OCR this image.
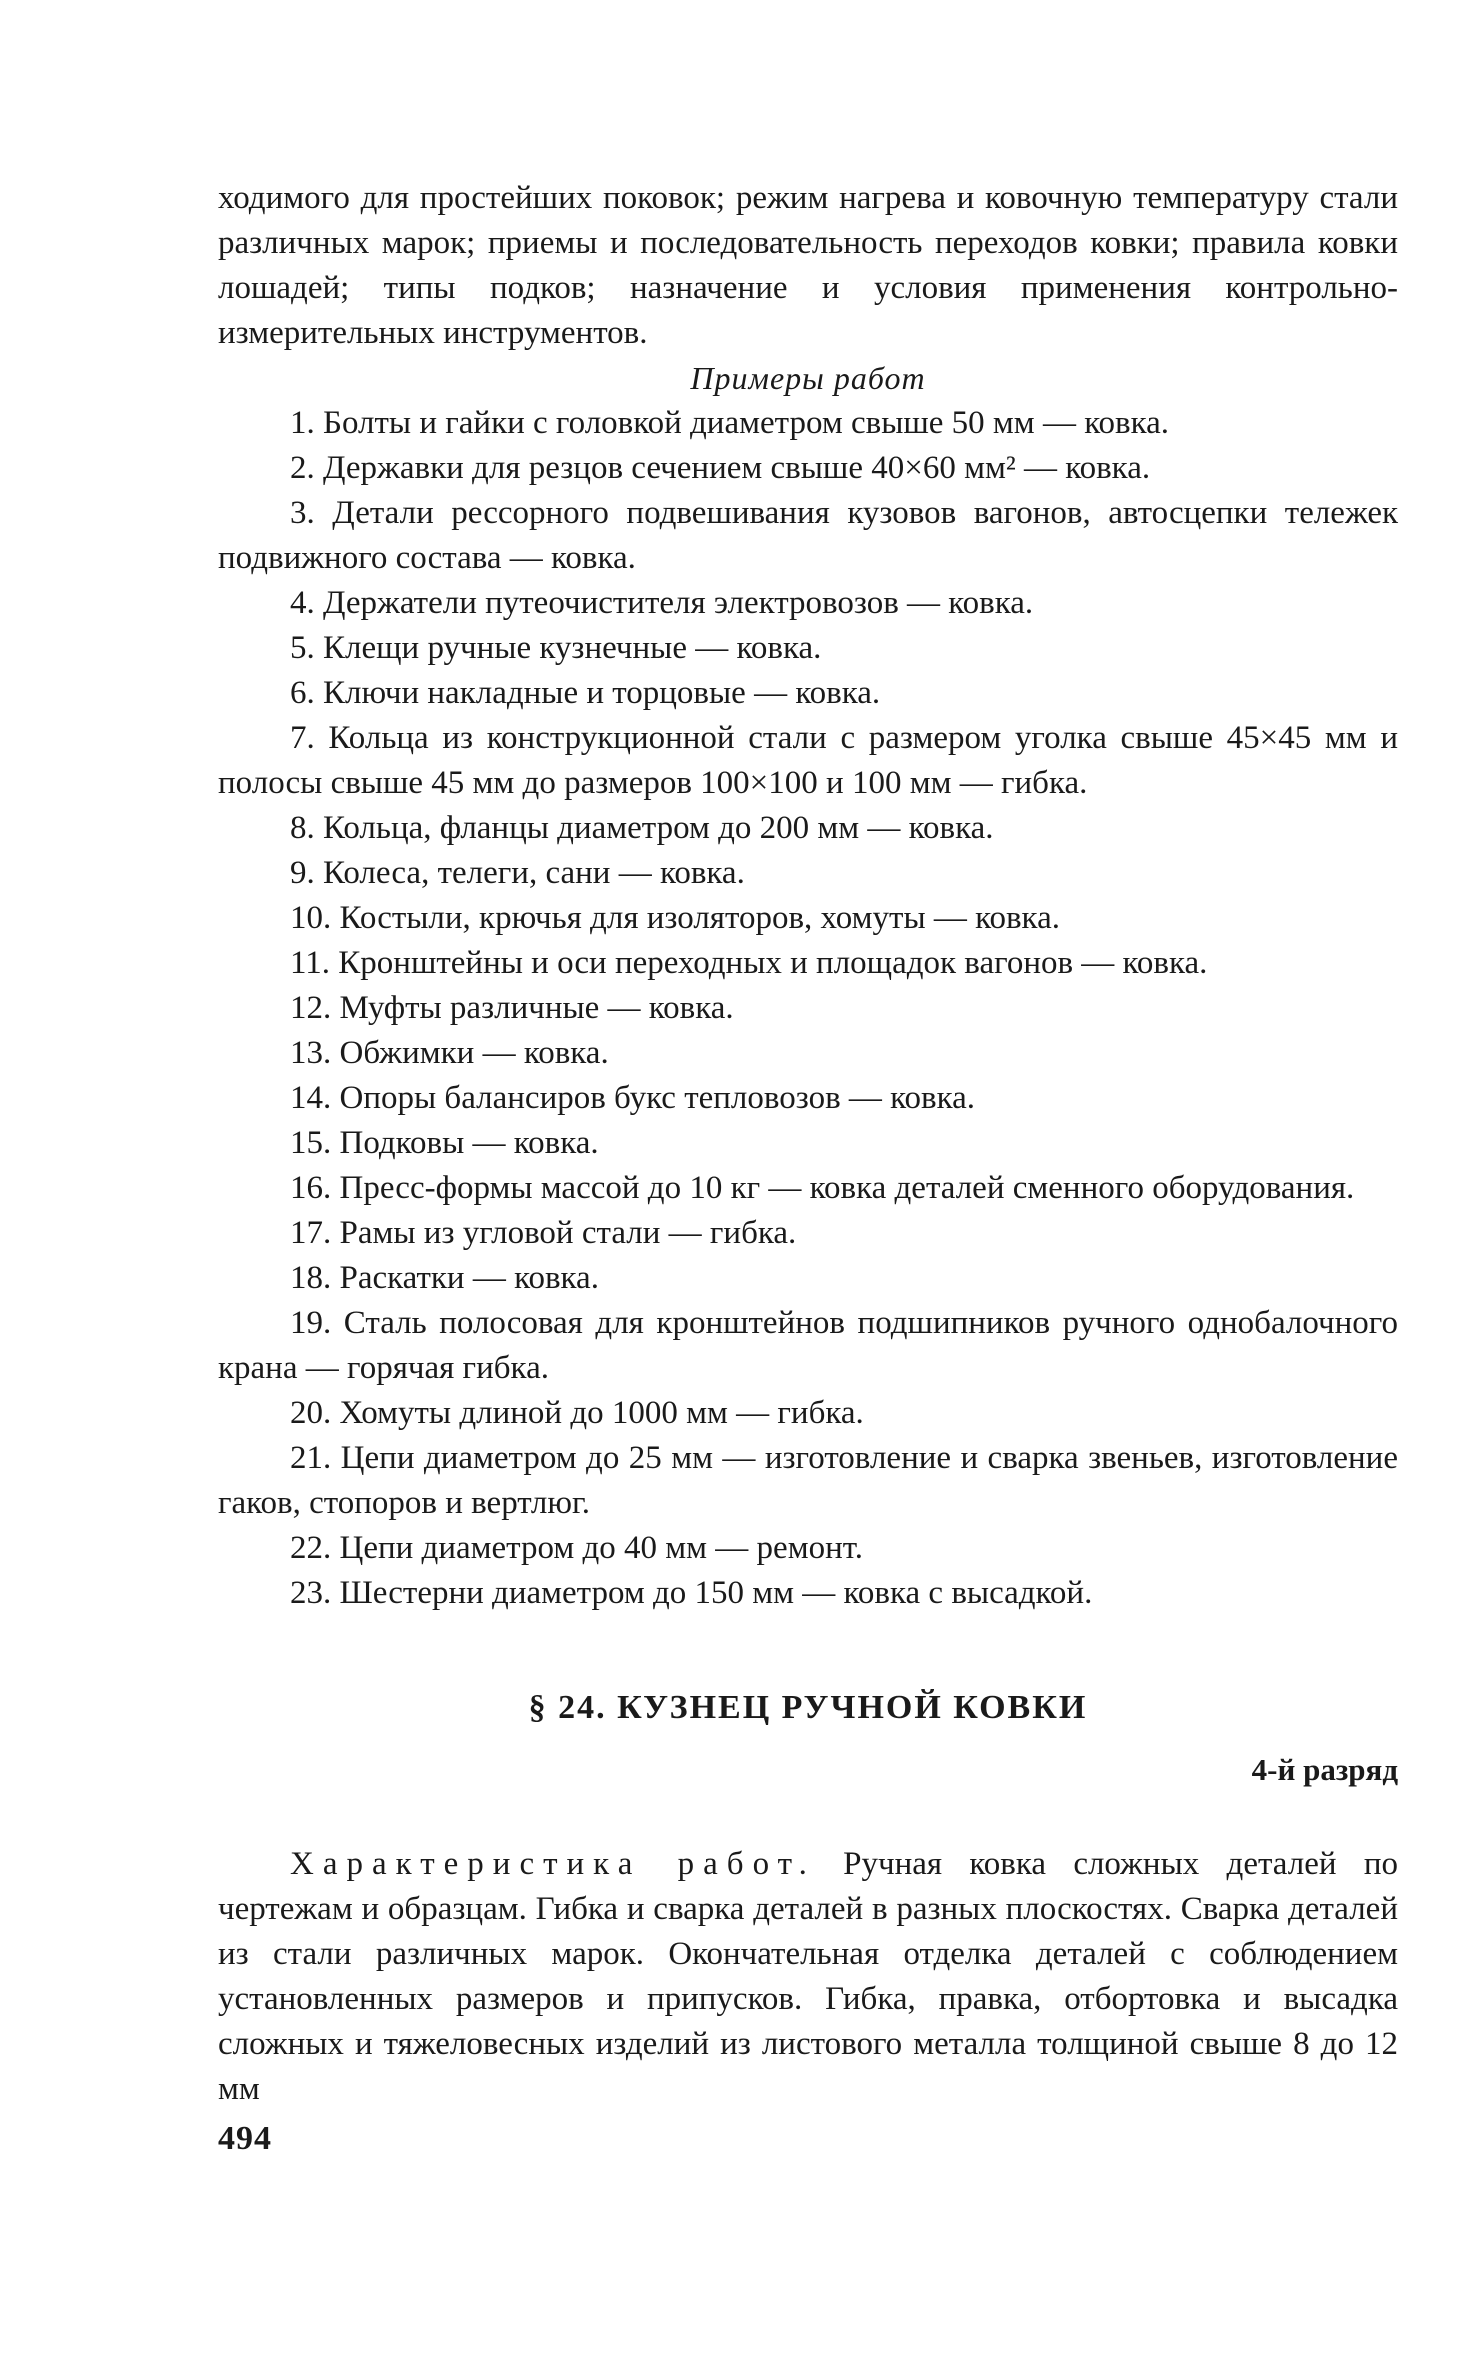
ходимого для простейших поковок; режим нагрева и ковочную температуру стали различных марок; приемы и последовательность переходов ковки; правила ковки лошадей; типы подков; назначение и условия применения контрольно-измерительных инструментов.

Примеры работ

1. Болты и гайки с головкой диаметром свыше 50 мм — ковка.

2. Державки для резцов сечением свыше 40×60 мм² — ковка.

3. Детали рессорного подвешивания кузовов вагонов, автосцепки тележек подвижного состава — ковка.

4. Держатели путеочистителя электровозов — ковка.

5. Клещи ручные кузнечные — ковка.

6. Ключи накладные и торцовые — ковка.

7. Кольца из конструкционной стали с размером уголка свыше 45×45 мм и полосы свыше 45 мм до размеров 100×100 и 100 мм — гибка.

8. Кольца, фланцы диаметром до 200 мм — ковка.

9. Колеса, телеги, сани — ковка.

10. Костыли, крючья для изоляторов, хомуты — ковка.

11. Кронштейны и оси переходных и площадок вагонов — ковка.

12. Муфты различные — ковка.

13. Обжимки — ковка.

14. Опоры балансиров букс тепловозов — ковка.

15. Подковы — ковка.

16. Пресс-формы массой до 10 кг — ковка деталей сменного оборудования.

17. Рамы из угловой стали — гибка.

18. Раскатки — ковка.

19. Сталь полосовая для кронштейнов подшипников ручного однобалочного крана — горячая гибка.

20. Хомуты длиной до 1000 мм — гибка.

21. Цепи диаметром до 25 мм — изготовление и сварка звеньев, изготовление гаков, стопоров и вертлюг.

22. Цепи диаметром до 40 мм — ремонт.

23. Шестерни диаметром до 150 мм — ковка с высадкой.

§ 24. КУЗНЕЦ РУЧНОЙ КОВКИ

4-й разряд

Характеристика работ. Ручная ковка сложных деталей по чертежам и образцам. Гибка и сварка деталей в разных плоскостях. Сварка деталей из стали различных марок. Окончательная отделка деталей с соблюдением установленных размеров и припусков. Гибка, правка, отбортовка и высадка сложных и тяжеловесных изделий из листового металла толщиной свыше 8 до 12 мм

494
